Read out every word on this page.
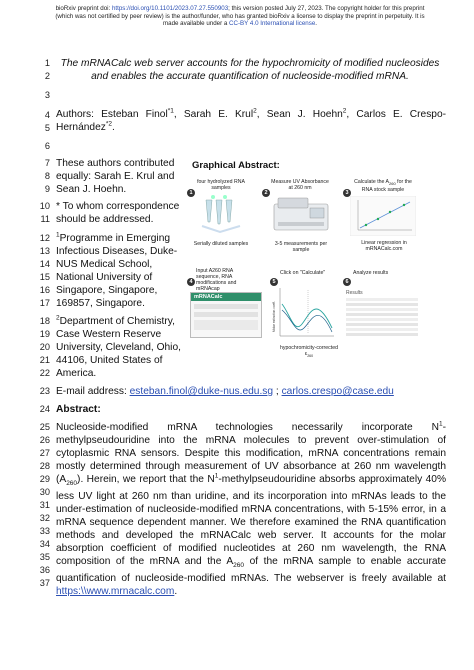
bioRxiv preprint doi: https://doi.org/10.1101/2023.07.27.550903; this version posted July 27, 2023. The copyright holder for this preprint
(which was not certified by peer review) is the author/funder, who has granted bioRxiv a license to display the preprint in perpetuity. It is
made available under a CC-BY 4.0 International license.
1
2
3
4
5
6
7
8
9
10
11
12
13
14
15
16
17
18
19
20
21
22
23
24
25
26
27
28
29
30
31
32
33
34
35
36
37
The mRNACalc web server accounts for the hypochromicity of modified nucleosides
and enables the accurate quantification of nucleoside-modified mRNA.
Authors: Esteban Finol$^{*1}$, Sarah E. Krul$^2$, Sean J. Hoehn$^2$, Carlos E. Crespo-Hernández$^{*2}$.
These authors contributed
equally: Sarah E. Krul and
Sean J. Hoehn.
* To whom correspondence
should be addressed.
$^1$Programme in Emerging
Infectious Diseases, Duke-
NUS Medical School,
National University of
Singapore, Singapore,
169857, Singapore.
$^2$Department of Chemistry,
Case Western Reserve
University, Cleveland, Ohio,
44106, United States of
America.
E-mail address: esteban.finol@duke-nus.edu.sg ; carlos.crespo@case.edu
Abstract:
Nucleoside-modified mRNA technologies necessarily incorporate $N^1-$
methylpseudouridine into the mRNA molecules to prevent over-stimulation of
cytoplasmic RNA sensors. Despite this modification, mRNA concentrations remain
mostly determined through measurement of UV absorbance at 260 nm wavelength
$(A_{260})$. Herein, we report that the $N^1$-methylpseudouridine absorbs approximately 40%
less UV light at 260 nm than uridine, and its incorporation into mRNAs leads to the
under-estimation of nucleoside-modified mRNA concentrations, with 5-15% error, in a
mRNA sequence dependent manner. We therefore examined the RNA quantification
methods and developed the mRNACalc web server. It accounts for the molar
absorption coefficient of modified nucleotides at 260 nm wavelength, the RNA
composition of the mRNA and the $A_{260}$ of the mRNA sample to enable accurate
quantification of nucleoside-modified mRNAs. The webserver is freely available at
https:\\www.mrnacalc.com.
Graphical Abstract:
1
four hydrolyzed RNA samples
Serially diluted samples
2
Measure UV Absorbance at 260 nm
3-5 measurements per sample
3
Calculate the $A_{260}$ for the RNA stock sample
Linear regression in mRNACalc.com
4
Input A260 RNA sequence, RNA modifications and mRNAcap
mRNACalc
5
Click on "Calculate"
Molar extinction coeff.
hypochromicity-corrected $\varepsilon_{260}$
6
Analyze results
Results
